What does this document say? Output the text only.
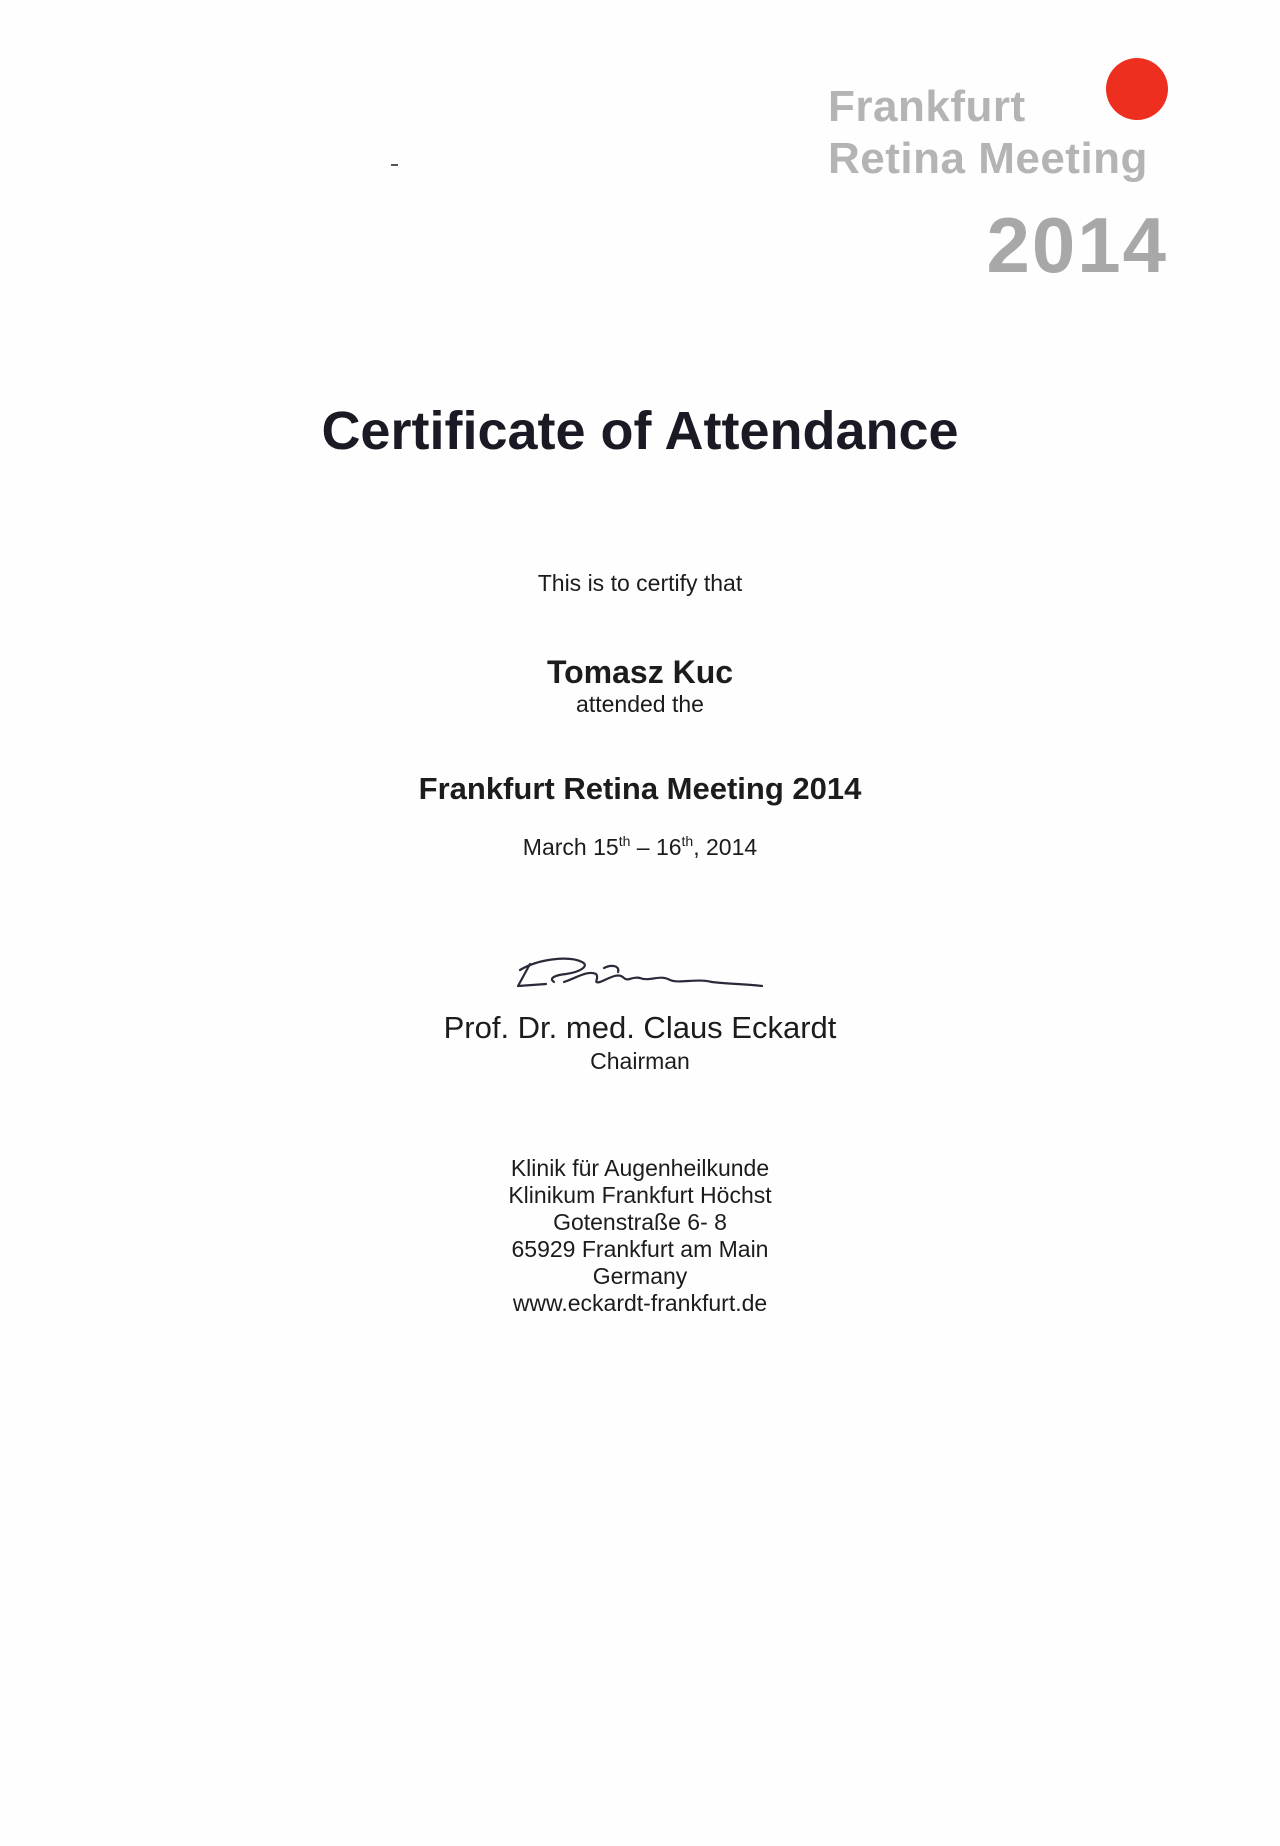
Frankfurt
Retina Meeting
2014
Certificate of Attendance
This is to certify that
Tomasz Kuc
attended the
Frankfurt Retina Meeting 2014
March 15th – 16th, 2014
Prof. Dr. med. Claus Eckardt
Chairman
Klinik für Augenheilkunde
Klinikum Frankfurt Höchst
Gotenstraße 6- 8
65929 Frankfurt am Main
Germany
www.eckardt-frankfurt.de
